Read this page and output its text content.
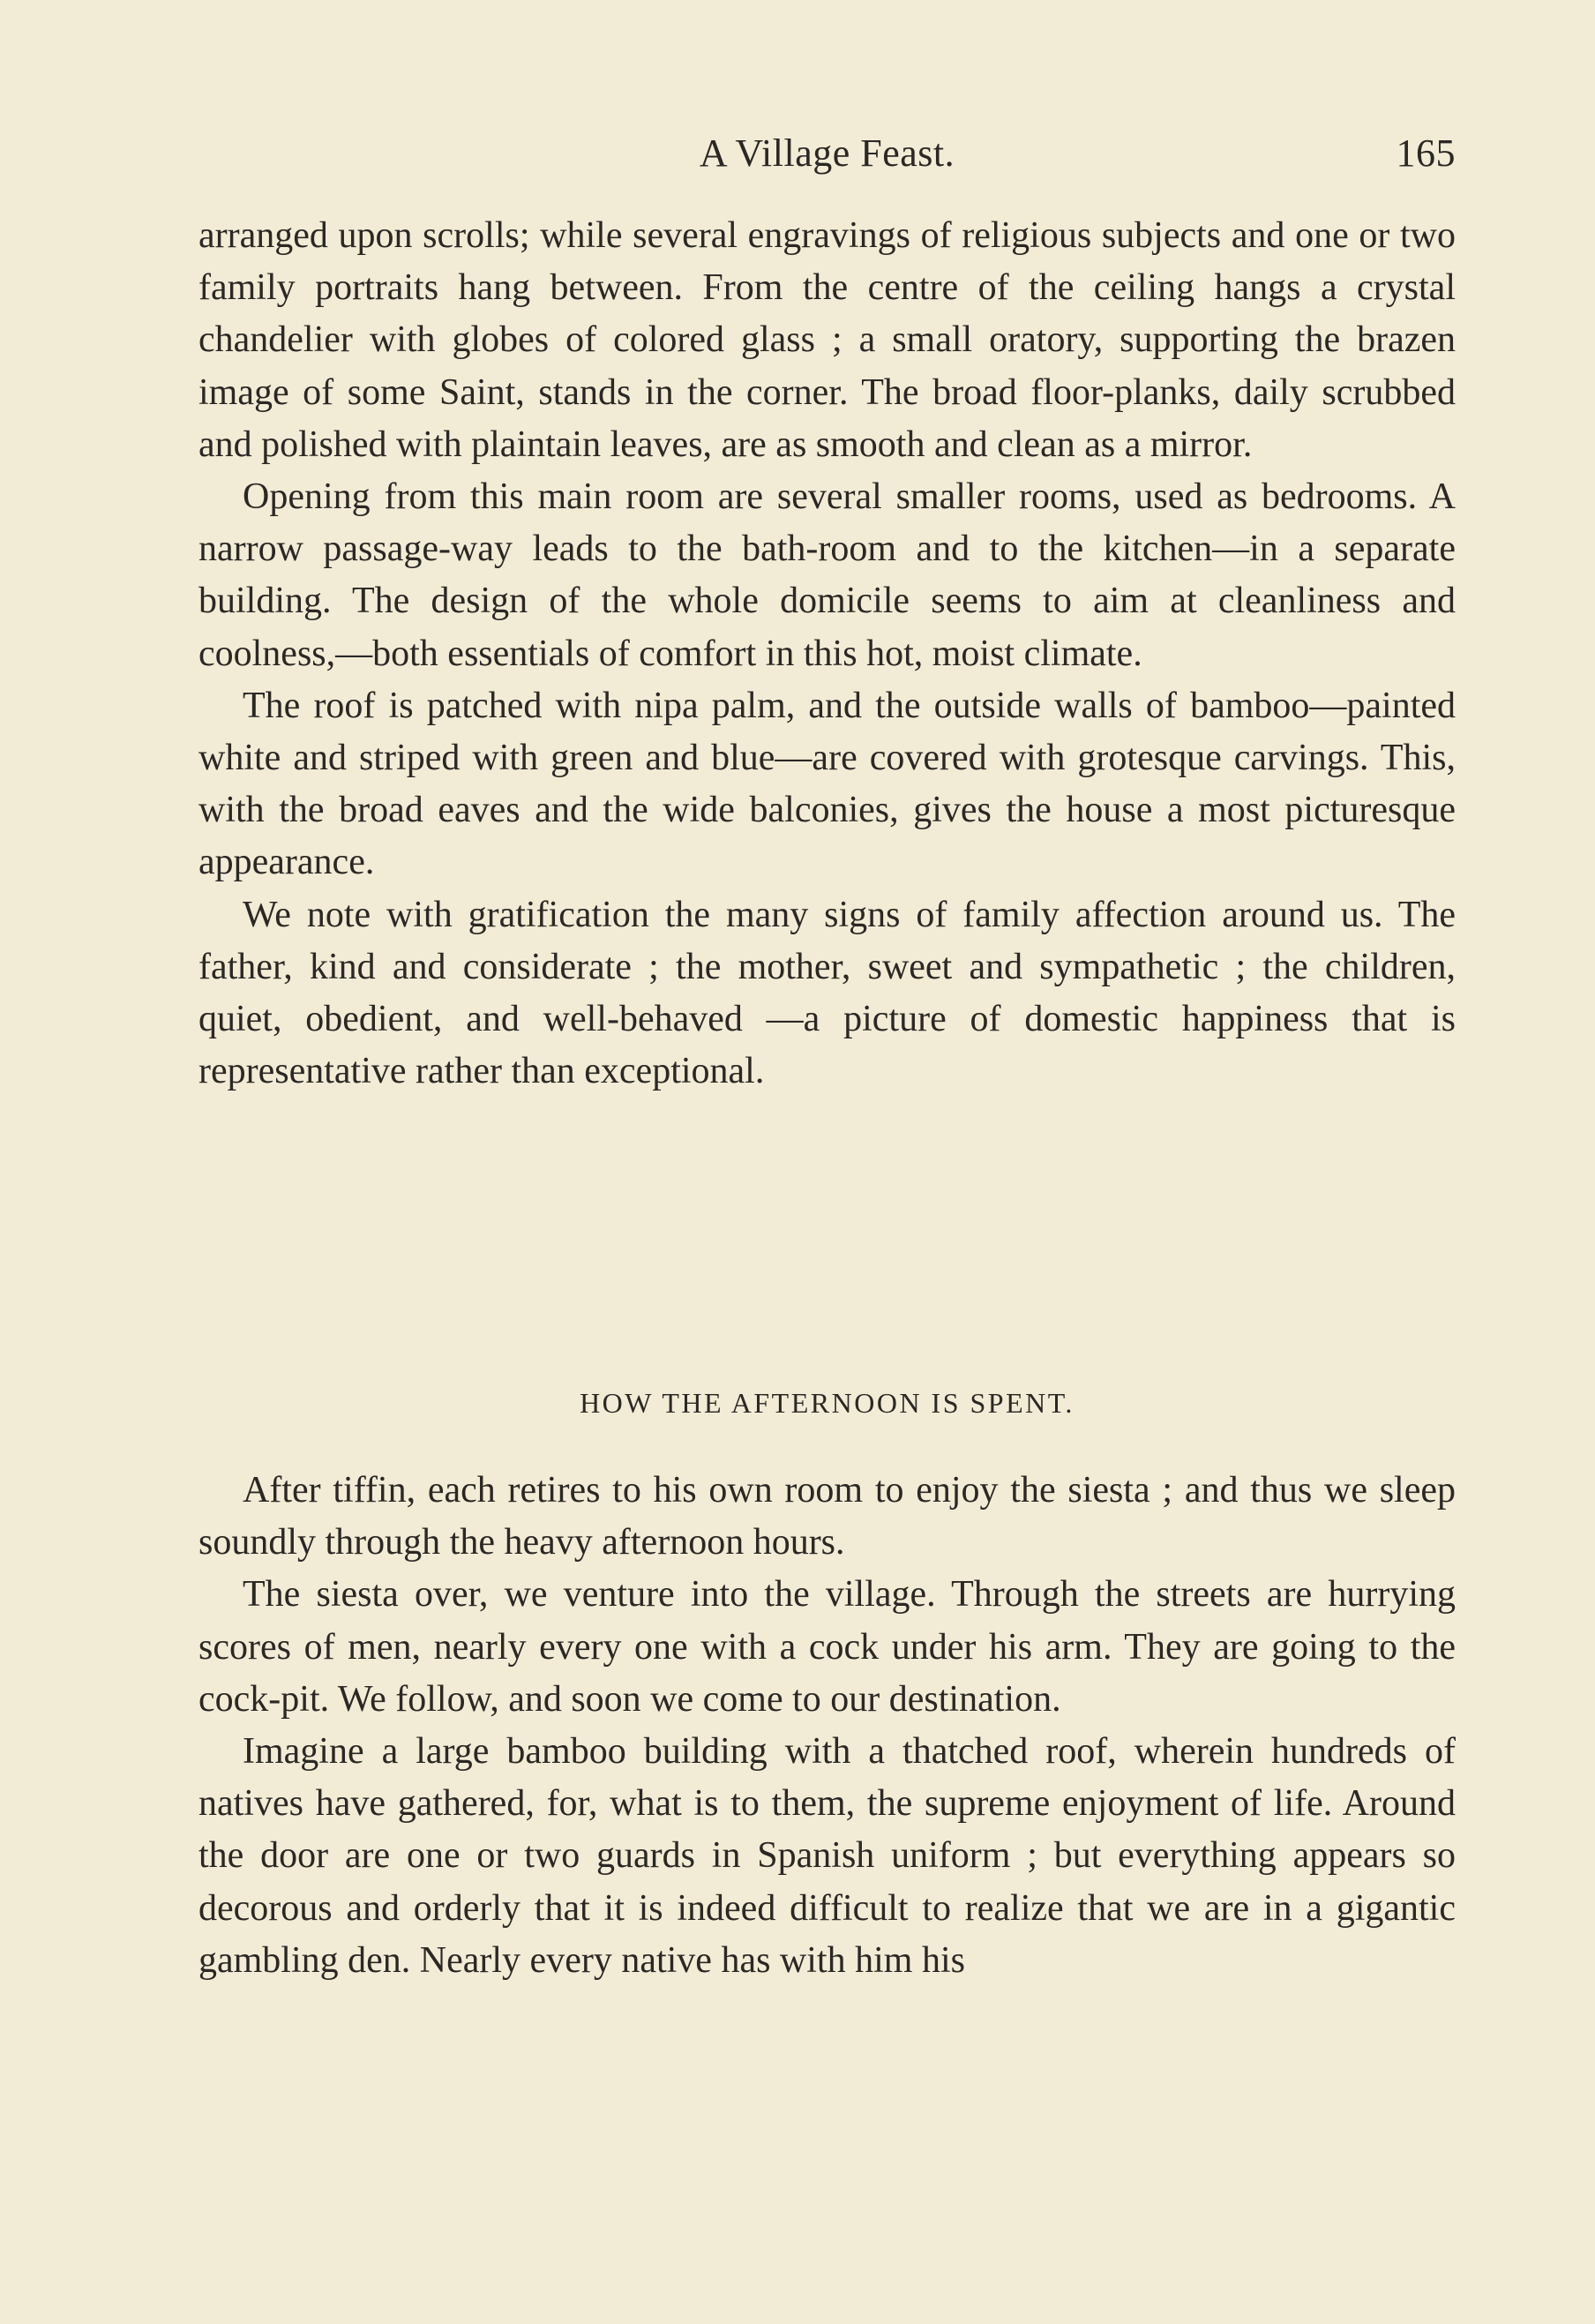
A Village Feast.	165

arranged upon scrolls; while several engravings of religious subjects and one or two family portraits hang between. From the centre of the ceiling hangs a crystal chandelier with globes of colored glass ; a small oratory, supporting the brazen image of some Saint, stands in the corner. The broad floor-planks, daily scrubbed and polished with plaintain leaves, are as smooth and clean as a mirror.

Opening from this main room are several smaller rooms, used as bedrooms. A narrow passage-way leads to the bath-room and to the kitchen—in a separate building. The design of the whole domicile seems to aim at cleanliness and coolness,—both essentials of comfort in this hot, moist climate.

The roof is patched with nipa palm, and the outside walls of bamboo—painted white and striped with green and blue—are covered with grotesque carvings. This, with the broad eaves and the wide balconies, gives the house a most picturesque appearance.

We note with gratification the many signs of family affection around us. The father, kind and considerate ; the mother, sweet and sympathetic ; the children, quiet, obedient, and well-behaved —a picture of domestic happiness that is representative rather than exceptional.

HOW THE AFTERNOON IS SPENT.

After tiffin, each retires to his own room to enjoy the siesta ; and thus we sleep soundly through the heavy afternoon hours.

The siesta over, we venture into the village. Through the streets are hurrying scores of men, nearly every one with a cock under his arm. They are going to the cock-pit. We follow, and soon we come to our destination.

Imagine a large bamboo building with a thatched roof, wherein hundreds of natives have gathered, for, what is to them, the supreme enjoyment of life. Around the door are one or two guards in Spanish uniform ; but everything appears so decorous and orderly that it is indeed difficult to realize that we are in a gigantic gambling den. Nearly every native has with him his
